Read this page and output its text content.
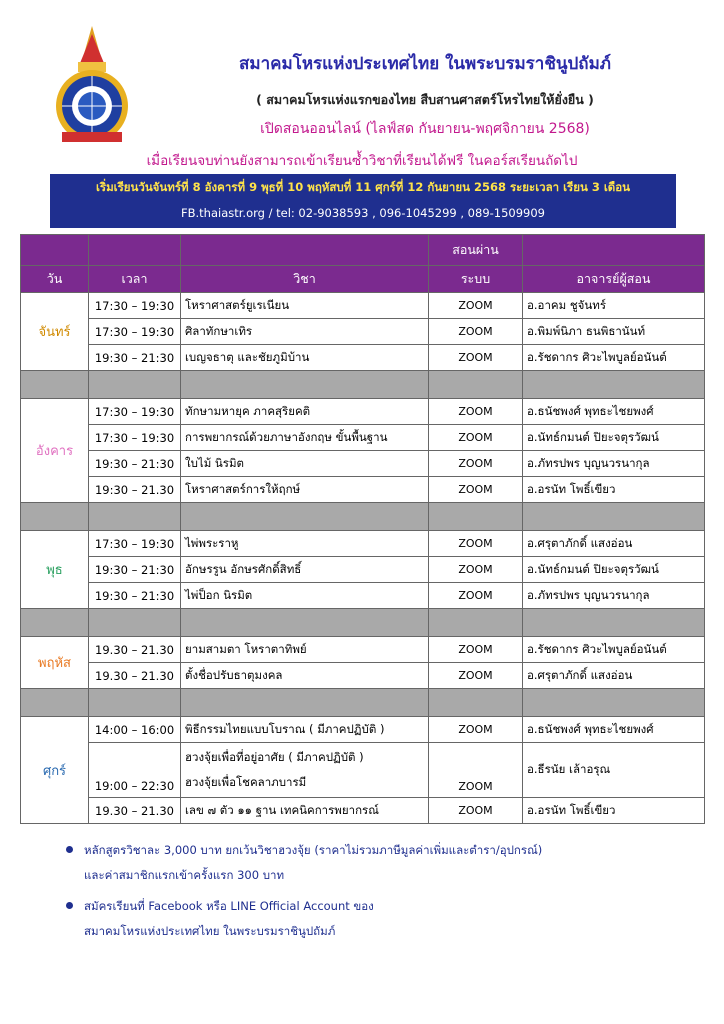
สมาคมโหรแห่งประเทศไทย ในพระบรมราชินูปถัมภ์
( สมาคมโหรแห่งแรกของไทย สืบสานศาสตร์โหรไทยให้ยั่งยืน )
เปิดสอนออนไลน์ (ไลฟ์สด กันยายน-พฤศจิกายน 2568)
เมื่อเรียนจบท่านยังสามารถเข้าเรียนซ้ำวิชาที่เรียนได้ฟรี ในคอร์สเรียนถัดไป
เริ่มเรียนวันจันทร์ที่ 8 อังคารที่ 9 พุธที่ 10 พฤหัสบที่ 11 ศุกร์ที่ 12 กันยายน 2568 ระยะเวลา เรียน 3 เดือน
FB.thaiastr.org / tel: 02-9038593 , 096-1045299 , 089-1509909
			สอนผ่าน	
วัน	เวลา	วิชา	ระบบ	อาจารย์ผู้สอน
จันทร์	17:30 – 19:30	โหราศาสตร์ยูเรเนียน	ZOOM	อ.อาคม ชูจันทร์
	17:30 – 19:30	ศิลาทักษาเทิร	ZOOM	อ.พิมพ์นิภา ธนพิธานันท์
	19:30 – 21:30	เบญจธาตุ และชัยภูมิบ้าน	ZOOM	อ.รัชดากร ศิวะไพบูลย์อนันต์

อังคาร	17:30 – 19:30	ทักษามหายุค ภาคสุริยคติ	ZOOM	อ.ธนัชพงศ์ พุทธะไชยพงศ์
	17:30 – 19:30	การพยากรณ์ด้วยภาษาอังกฤษ ขั้นพื้นฐาน	ZOOM	อ.นัทธ์กมนต์ ปิยะจตุรวัฒน์
	19:30 – 21:30	ใบไม้ นิรมิต	ZOOM	อ.ภัทรปพร บุญนวรนากุล
	19:30 – 21.30	โหราศาสตร์การให้ฤกษ์	ZOOM	อ.อรนัท โพธิ์เขียว

พุธ	17:30 – 19:30	ไพ่พระราหู	ZOOM	อ.ศรุตาภักดิ์ แสงอ่อน
	19:30 – 21:30	อักษรรูน อักษรศักดิ์สิทธิ์	ZOOM	อ.นัทธ์กมนต์ ปิยะจตุรวัฒน์
	19:30 – 21:30	ไพ่ป็อก นิรมิต	ZOOM	อ.ภัทรปพร บุญนวรนากุล

พฤหัส	19.30 – 21.30	ยามสามตา โหราตาทิพย์	ZOOM	อ.รัชดากร ศิวะไพบูลย์อนันต์
	19.30 – 21.30	ตั้งชื่อปรับธาตุมงคล	ZOOM	อ.ศรุตาภักดิ์ แสงอ่อน

ศุกร์	14:00 – 16:00	พิธีกรรมไทยแบบโบราณ ( มีภาคปฏิบัติ )	ZOOM	อ.ธนัชพงศ์ พุทธะไชยพงศ์
	19:00 – 22:30	ฮวงจุ้ยเพื่อที่อยู่อาศัย ( มีภาคปฏิบัติ )
ฮวงจุ้ยเพื่อโชคลาภบารมี	ZOOM	อ.ธีรนัย เล้าอรุณ
	19.30 – 21.30	เลข ๗ ตัว ๑๑ ฐาน เทคนิคการพยากรณ์	ZOOM	อ.อรนัท โพธิ์เขียว
หลักสูตรวิชาละ 3,000 บาท ยกเว้นวิชาฮวงจุ้ย (ราคาไม่รวมภาษีมูลค่าเพิ่มและตำรา/อุปกรณ์)
และค่าสมาชิกแรกเข้าครั้งแรก 300 บาท
สมัครเรียนที่ Facebook หรือ LINE Official Account ของ
สมาคมโหรแห่งประเทศไทย ในพระบรมราชินูปถัมภ์
